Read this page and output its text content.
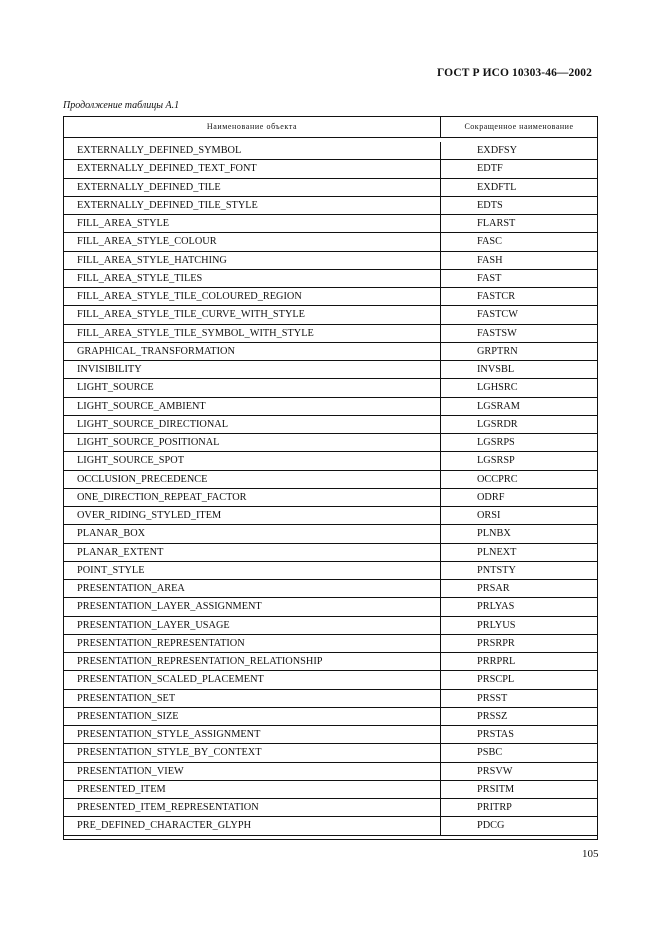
ГОСТ Р ИСО 10303-46—2002
Продолжение таблицы A.1
Наименование объекта	Сокращенное наименование
EXTERNALLY_DEFINED_SYMBOL	EXDFSY
EXTERNALLY_DEFINED_TEXT_FONT	EDTF
EXTERNALLY_DEFINED_TILE	EXDFTL
EXTERNALLY_DEFINED_TILE_STYLE	EDTS
FILL_AREA_STYLE	FLARST
FILL_AREA_STYLE_COLOUR	FASC
FILL_AREA_STYLE_HATCHING	FASH
FILL_AREA_STYLE_TILES	FAST
FILL_AREA_STYLE_TILE_COLOURED_REGION	FASTCR
FILL_AREA_STYLE_TILE_CURVE_WITH_STYLE	FASTCW
FILL_AREA_STYLE_TILE_SYMBOL_WITH_STYLE	FASTSW
GRAPHICAL_TRANSFORMATION	GRPTRN
INVISIBILITY	INVSBL
LIGHT_SOURCE	LGHSRC
LIGHT_SOURCE_AMBIENT	LGSRAM
LIGHT_SOURCE_DIRECTIONAL	LGSRDR
LIGHT_SOURCE_POSITIONAL	LGSRPS
LIGHT_SOURCE_SPOT	LGSRSP
OCCLUSION_PRECEDENCE	OCCPRC
ONE_DIRECTION_REPEAT_FACTOR	ODRF
OVER_RIDING_STYLED_ITEM	ORSI
PLANAR_BOX	PLNBX
PLANAR_EXTENT	PLNEXT
POINT_STYLE	PNTSTY
PRESENTATION_AREA	PRSAR
PRESENTATION_LAYER_ASSIGNMENT	PRLYAS
PRESENTATION_LAYER_USAGE	PRLYUS
PRESENTATION_REPRESENTATION	PRSRPR
PRESENTATION_REPRESENTATION_RELATIONSHIP	PRRPRL
PRESENTATION_SCALED_PLACEMENT	PRSCPL
PRESENTATION_SET	PRSST
PRESENTATION_SIZE	PRSSZ
PRESENTATION_STYLE_ASSIGNMENT	PRSTAS
PRESENTATION_STYLE_BY_CONTEXT	PSBC
PRESENTATION_VIEW	PRSVW
PRESENTED_ITEM	PRSITM
PRESENTED_ITEM_REPRESENTATION	PRITRP
PRE_DEFINED_CHARACTER_GLYPH	PDCG
105
